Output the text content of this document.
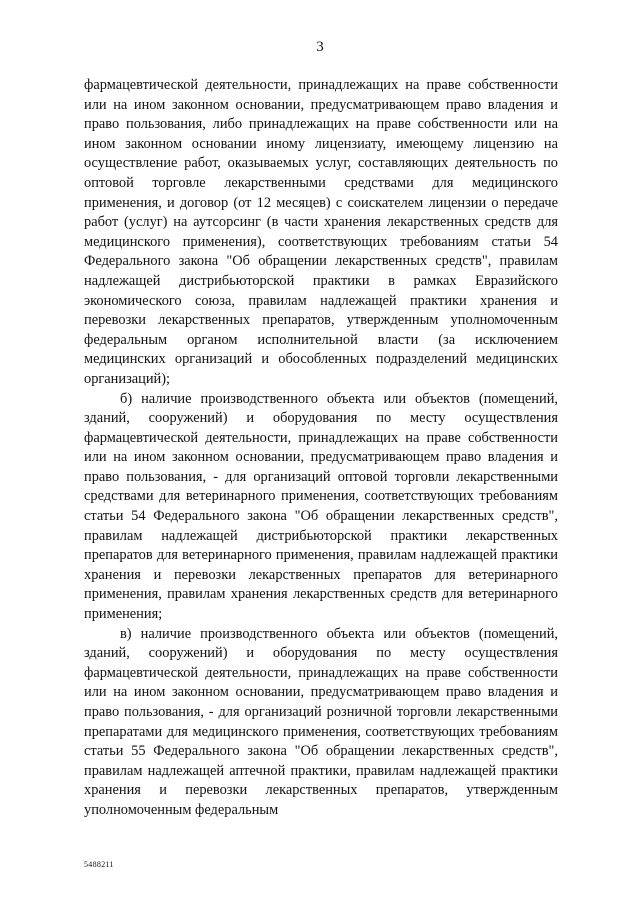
3

фармацевтической деятельности, принадлежащих на праве собственности или на ином законном основании, предусматривающем право владения и право пользования, либо принадлежащих на праве собственности или на ином законном основании иному лицензиату, имеющему лицензию на осуществление работ, оказываемых услуг, составляющих деятельность по оптовой торговле лекарственными средствами для медицинского применения, и договор (от 12 месяцев) с соискателем лицензии о передаче работ (услуг) на аутсорсинг (в части хранения лекарственных средств для медицинского применения), соответствующих требованиям статьи 54 Федерального закона "Об обращении лекарственных средств", правилам надлежащей дистрибьюторской практики в рамках Евразийского экономического союза, правилам надлежащей практики хранения и перевозки лекарственных препаратов, утвержденным уполномоченным федеральным органом исполнительной власти (за исключением медицинских организаций и обособленных подразделений медицинских организаций);

б) наличие производственного объекта или объектов (помещений, зданий, сооружений) и оборудования по месту осуществления фармацевтической деятельности, принадлежащих на праве собственности или на ином законном основании, предусматривающем право владения и право пользования, - для организаций оптовой торговли лекарственными средствами для ветеринарного применения, соответствующих требованиям статьи 54 Федерального закона "Об обращении лекарственных средств", правилам надлежащей дистрибьюторской практики лекарственных препаратов для ветеринарного применения, правилам надлежащей практики хранения и перевозки лекарственных препаратов для ветеринарного применения, правилам хранения лекарственных средств для ветеринарного применения;

в) наличие производственного объекта или объектов (помещений, зданий, сооружений) и оборудования по месту осуществления фармацевтической деятельности, принадлежащих на праве собственности или на ином законном основании, предусматривающем право владения и право пользования, - для организаций розничной торговли лекарственными препаратами для медицинского применения, соответствующих требованиям статьи 55 Федерального закона "Об обращении лекарственных средств", правилам надлежащей аптечной практики, правилам надлежащей практики хранения и перевозки лекарственных препаратов, утвержденным уполномоченным федеральным

5488211
